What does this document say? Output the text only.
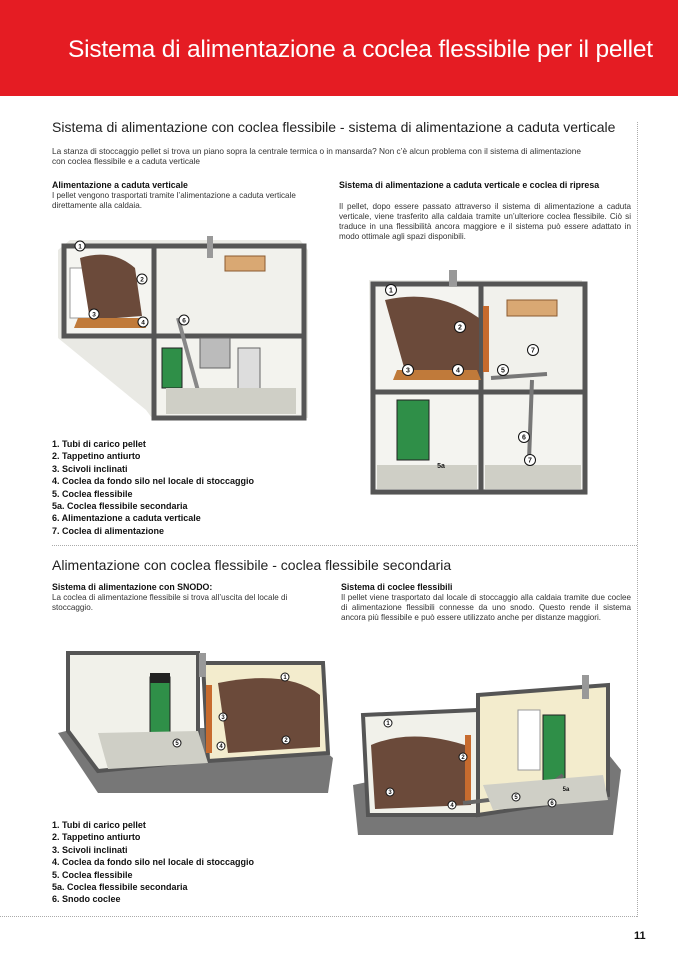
Sistema di alimentazione a coclea flessibile per il pellet
Sistema di alimentazione con coclea flessibile - sistema di alimentazione a caduta verticale
La stanza di stoccaggio pellet si trova un piano sopra la centrale termica o in mansarda? Non c’è alcun problema con il sistema di alimentazione
con coclea flessibile e a caduta verticale
Alimentazione a caduta verticale
I pellet vengono trasportati tramite l’alimentazione a caduta verticale direttamente alla caldaia.
Sistema di alimentazione a caduta verticale e coclea di ripresa
Il pellet, dopo essere passato attraverso il sistema di alimentazione a caduta verticale, viene trasferito alla caldaia tramite un’ulteriore coclea flessibile. Ciò si traduce in una flessibilità ancora maggiore e il sistema può essere adattato in modo ottimale agli spazi disponibili.
1
2
3
4	6
1
2
3	4	5
7
6
7
5a
1. Tubi di carico pellet
2. Tappetino antiurto
3. Scivoli inclinati
4. Coclea da fondo silo nel locale di stoccaggio
5. Coclea flessibile
5a. Coclea flessibile secondaria
6. Alimentazione a caduta verticale
7. Coclea di alimentazione
Alimentazione con coclea flessibile - coclea flessibile secondaria
Sistema di alimentazione con SNODO:
La coclea di alimentazione flessibile si trova all’uscita del locale di stoccaggio.
Sistema di coclee flessibili
Il pellet viene trasportato dal locale di stoccaggio alla caldaia tramite due coclee di alimentazione flessibili connesse da uno snodo. Questo rende il sistema ancora più flessibile e può essere utilizzato anche per distanze maggiori.
1
2
3
4
5
1
2
3
4
5
6
5a
1. Tubi di carico pellet
2. Tappetino antiurto
3. Scivoli inclinati
4. Coclea da fondo silo nel locale di stoccaggio
5. Coclea flessibile
5a. Coclea flessibile secondaria
6. Snodo coclee
11
